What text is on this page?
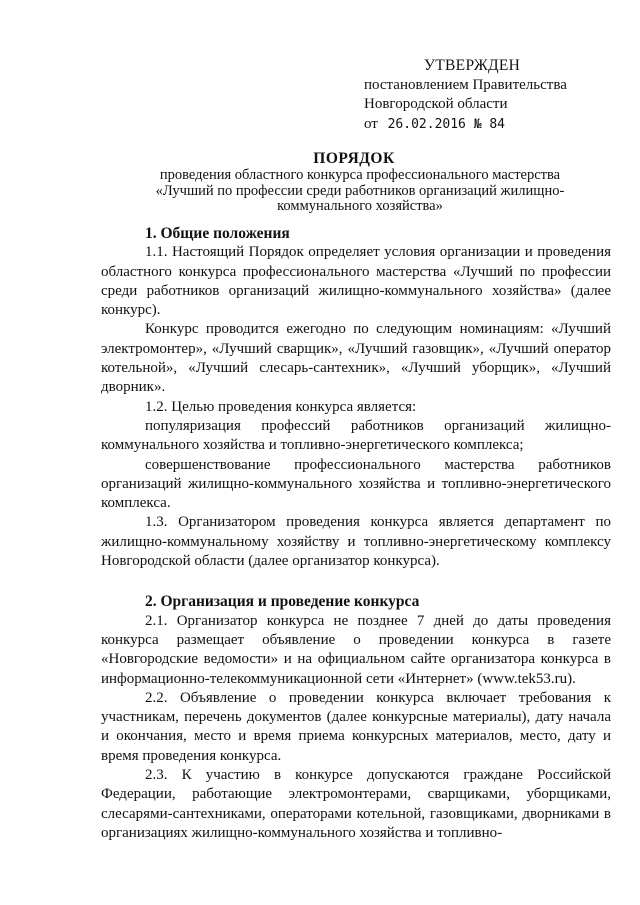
УТВЕРЖДЕН
постановлением Правительства
Новгородской области
от 26.02.2016 № 84
ПОРЯДОК
проведения областного конкурса профессионального мастерства
«Лучший по профессии среди работников организаций жилищно-
коммунального хозяйства»
1. Общие положения

1.1. Настоящий Порядок определяет условия организации и проведения областного конкурса профессионального мастерства «Лучший по профессии среди работников организаций жилищно-коммунального хозяйства» (далее конкурс).

Конкурс проводится ежегодно по следующим номинациям: «Лучший электромонтер», «Лучший сварщик», «Лучший газовщик», «Лучший оператор котельной», «Лучший слесарь-сантехник», «Лучший уборщик», «Лучший дворник».

1.2. Целью проведения конкурса является:

популяризация профессий работников организаций жилищно-коммунального хозяйства и топливно-энергетического комплекса;

совершенствование профессионального мастерства работников организаций жилищно-коммунального хозяйства и топливно-энергетического комплекса.

1.3. Организатором проведения конкурса является департамент по жилищно-коммунальному хозяйству и топливно-энергетическому комплексу Новгородской области (далее организатор конкурса).

2. Организация и проведение конкурса

2.1. Организатор конкурса не позднее 7 дней до даты проведения конкурса размещает объявление о проведении конкурса в газете «Новгородские ведомости» и на официальном сайте организатора конкурса в информационно-телекоммуникационной сети «Интернет» (www.tek53.ru).

2.2. Объявление о проведении конкурса включает требования к участникам, перечень документов (далее конкурсные материалы), дату начала и окончания, место и время приема конкурсных материалов, место, дату и время проведения конкурса.

2.3. К участию в конкурсе допускаются граждане Российской Федерации, работающие электромонтерами, сварщиками, уборщиками, слесарями-сантехниками, операторами котельной, газовщиками, дворниками в организациях жилищно-коммунального хозяйства и топливно-
